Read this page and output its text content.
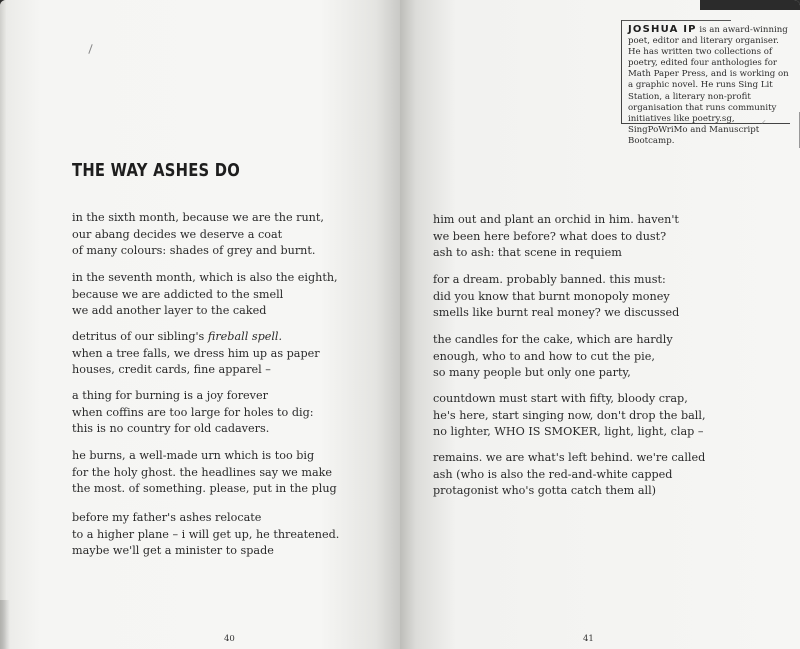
THE WAY ASHES DO
in the sixth month, because we are the runt,
our abang decides we deserve a coat
of many colours: shades of grey and burnt.
in the seventh month, which is also the eighth,
because we are addicted to the smell
we add another layer to the caked
detritus of our sibling's fireball spell.
when a tree falls, we dress him up as paper
houses, credit cards, fine apparel –
a thing for burning is a joy forever
when coffins are too large for holes to dig:
this is no country for old cadavers.
he burns, a well-made urn which is too big
for the holy ghost. the headlines say we make
the most. of something. please, put in the plug
before my father's ashes relocate
to a higher plane – i will get up, he threatened.
maybe we'll get a minister to spade
40
JOSHUA IP is an award-winning poet, editor and literary organiser. He has written two collections of poetry, edited four anthologies for Math Paper Press, and is working on a graphic novel. He runs Sing Lit Station, a literary non-profit organisation that runs community initiatives like poetry.sg, SingPoWriMo and Manuscript Bootcamp.
⸝
him out and plant an orchid in him. haven't
we been here before? what does to dust?
ash to ash: that scene in requiem
for a dream. probably banned. this must:
did you know that burnt monopoly money
smells like burnt real money? we discussed
the candles for the cake, which are hardly
enough, who to and how to cut the pie,
so many people but only one party,
countdown must start with fifty, bloody crap,
he's here, start singing now, don't drop the ball,
no lighter, WHO IS SMOKER, light, light, clap –
remains. we are what's left behind. we're called
ash (who is also the red-and-white capped
protagonist who's gotta catch them all)
41
